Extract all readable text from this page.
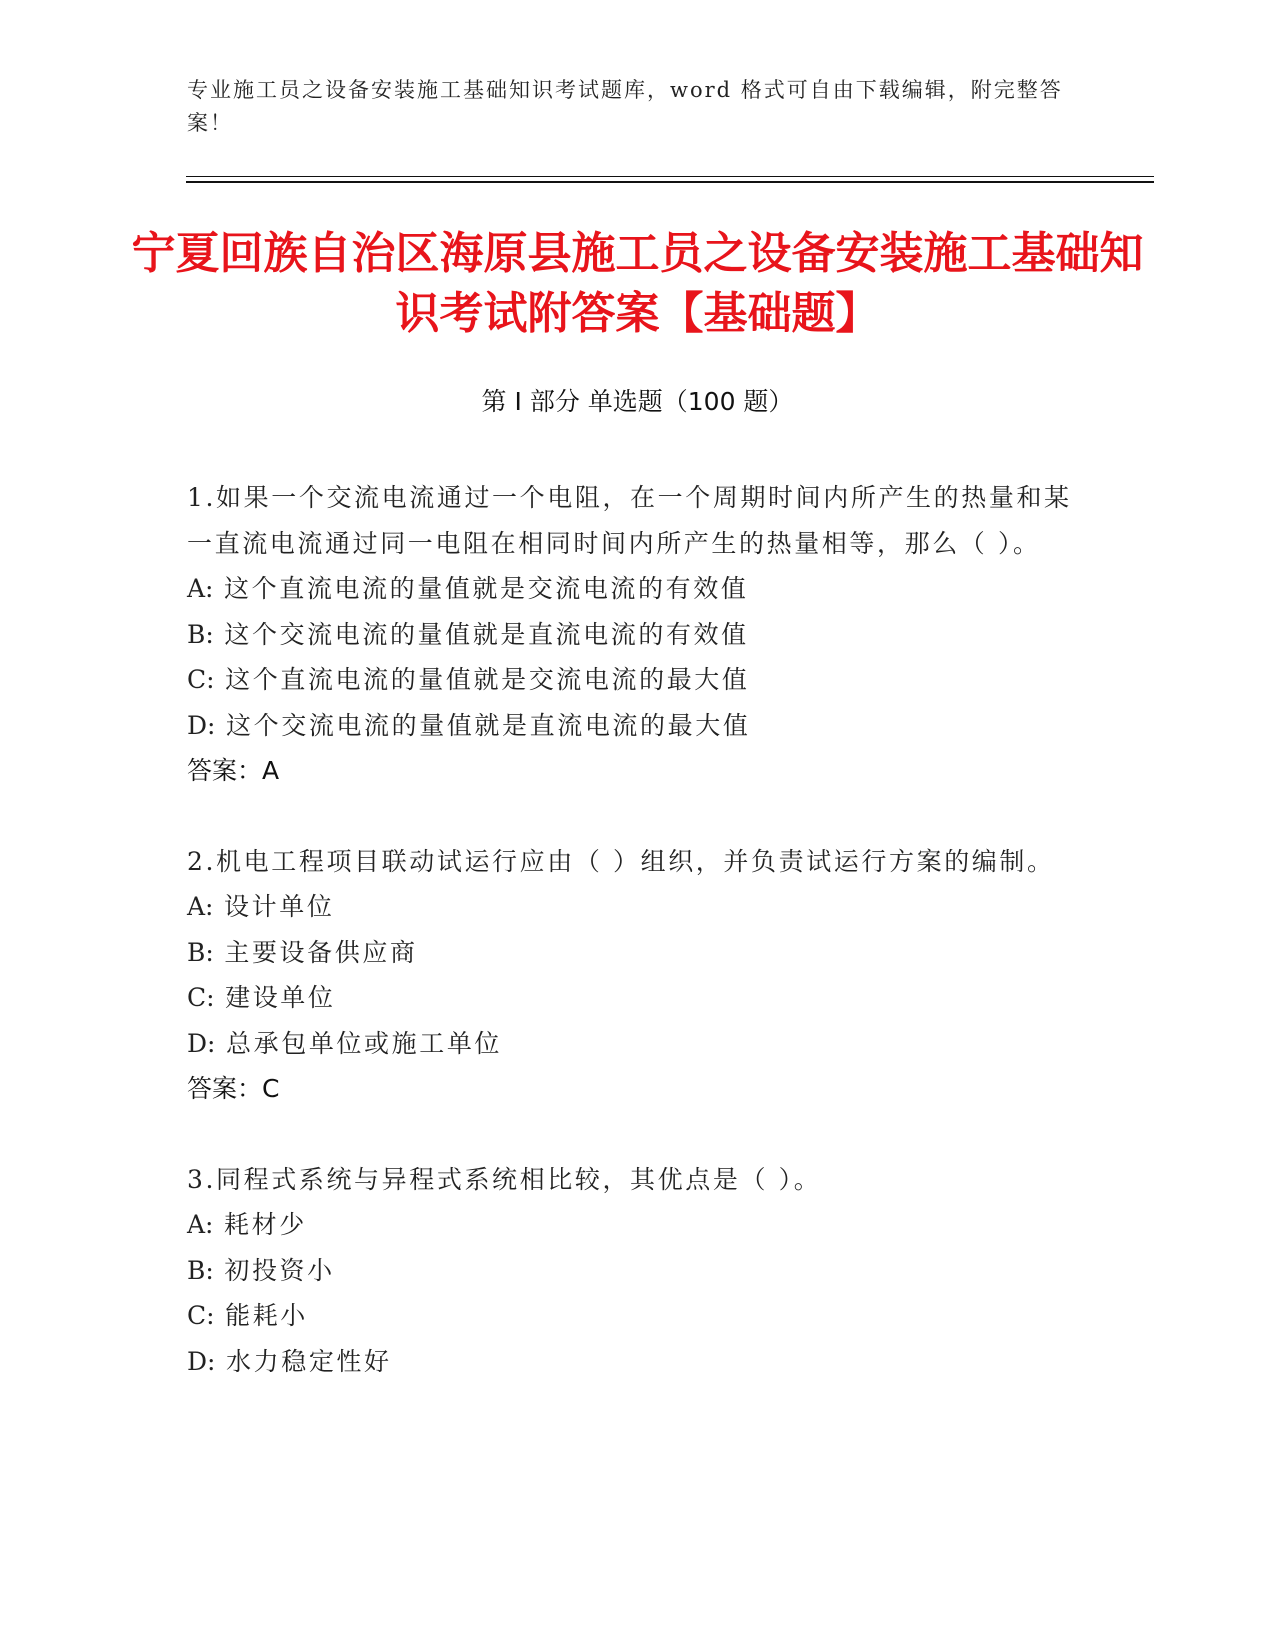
专业施工员之设备安装施工基础知识考试题库，word 格式可自由下载编辑，附完整答案！
宁夏回族自治区海原县施工员之设备安装施工基础知识考试附答案【基础题】
第 I 部分 单选题（100 题）
1.如果一个交流电流通过一个电阻，在一个周期时间内所产生的热量和某一直流电流通过同一电阻在相同时间内所产生的热量相等，那么（ ）。
A: 这个直流电流的量值就是交流电流的有效值
B: 这个交流电流的量值就是直流电流的有效值
C: 这个直流电流的量值就是交流电流的最大值
D: 这个交流电流的量值就是直流电流的最大值
答案：A
2.机电工程项目联动试运行应由（ ）组织，并负责试运行方案的编制。
A: 设计单位
B: 主要设备供应商
C: 建设单位
D: 总承包单位或施工单位
答案：C
3.同程式系统与异程式系统相比较，其优点是（ ）。
A: 耗材少
B: 初投资小
C: 能耗小
D: 水力稳定性好
